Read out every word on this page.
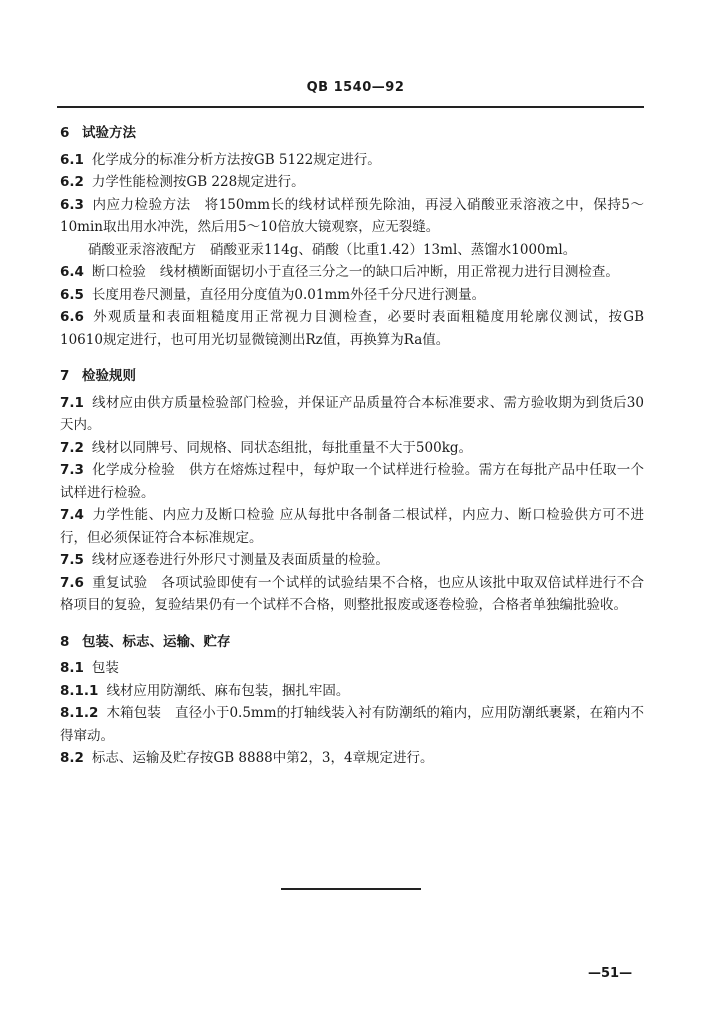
QB 1540—92
6 试验方法
6.1 化学成分的标准分析方法按GB 5122规定进行。
6.2 力学性能检测按GB 228规定进行。
6.3 内应力检验方法 将150mm长的线材试样预先除油，再浸入硝酸亚汞溶液之中，保持5～10min取出用水冲洗，然后用5～10倍放大镜观察，应无裂缝。
硝酸亚汞溶液配方 硝酸亚汞114g、硝酸（比重1.42）13ml、蒸馏水1000ml。
6.4 断口检验 线材横断面锯切小于直径三分之一的缺口后冲断，用正常视力进行目测检查。
6.5 长度用卷尺测量，直径用分度值为0.01mm外径千分尺进行测量。
6.6 外观质量和表面粗糙度用正常视力目测检查，必要时表面粗糙度用轮廓仪测试，按GB 10610规定进行，也可用光切显微镜测出Rz值，再换算为Ra值。
7 检验规则
7.1 线材应由供方质量检验部门检验，并保证产品质量符合本标准要求、需方验收期为到货后30天内。
7.2 线材以同牌号、同规格、同状态组批，每批重量不大于500kg。
7.3 化学成分检验 供方在熔炼过程中，每炉取一个试样进行检验。需方在每批产品中任取一个试样进行检验。
7.4 力学性能、内应力及断口检验 应从每批中各制备二根试样，内应力、断口检验供方可不进行，但必须保证符合本标准规定。
7.5 线材应逐卷进行外形尺寸测量及表面质量的检验。
7.6 重复试验 各项试验即使有一个试样的试验结果不合格，也应从该批中取双倍试样进行不合格项目的复验，复验结果仍有一个试样不合格，则整批报废或逐卷检验，合格者单独编批验收。
8 包装、标志、运输、贮存
8.1 包装
8.1.1 线材应用防潮纸、麻布包装，捆扎牢固。
8.1.2 木箱包装 直径小于0.5mm的打轴线装入衬有防潮纸的箱内，应用防潮纸裹紧，在箱内不得窜动。
8.2 标志、运输及贮存按GB 8888中第2，3，4章规定进行。
—51—
